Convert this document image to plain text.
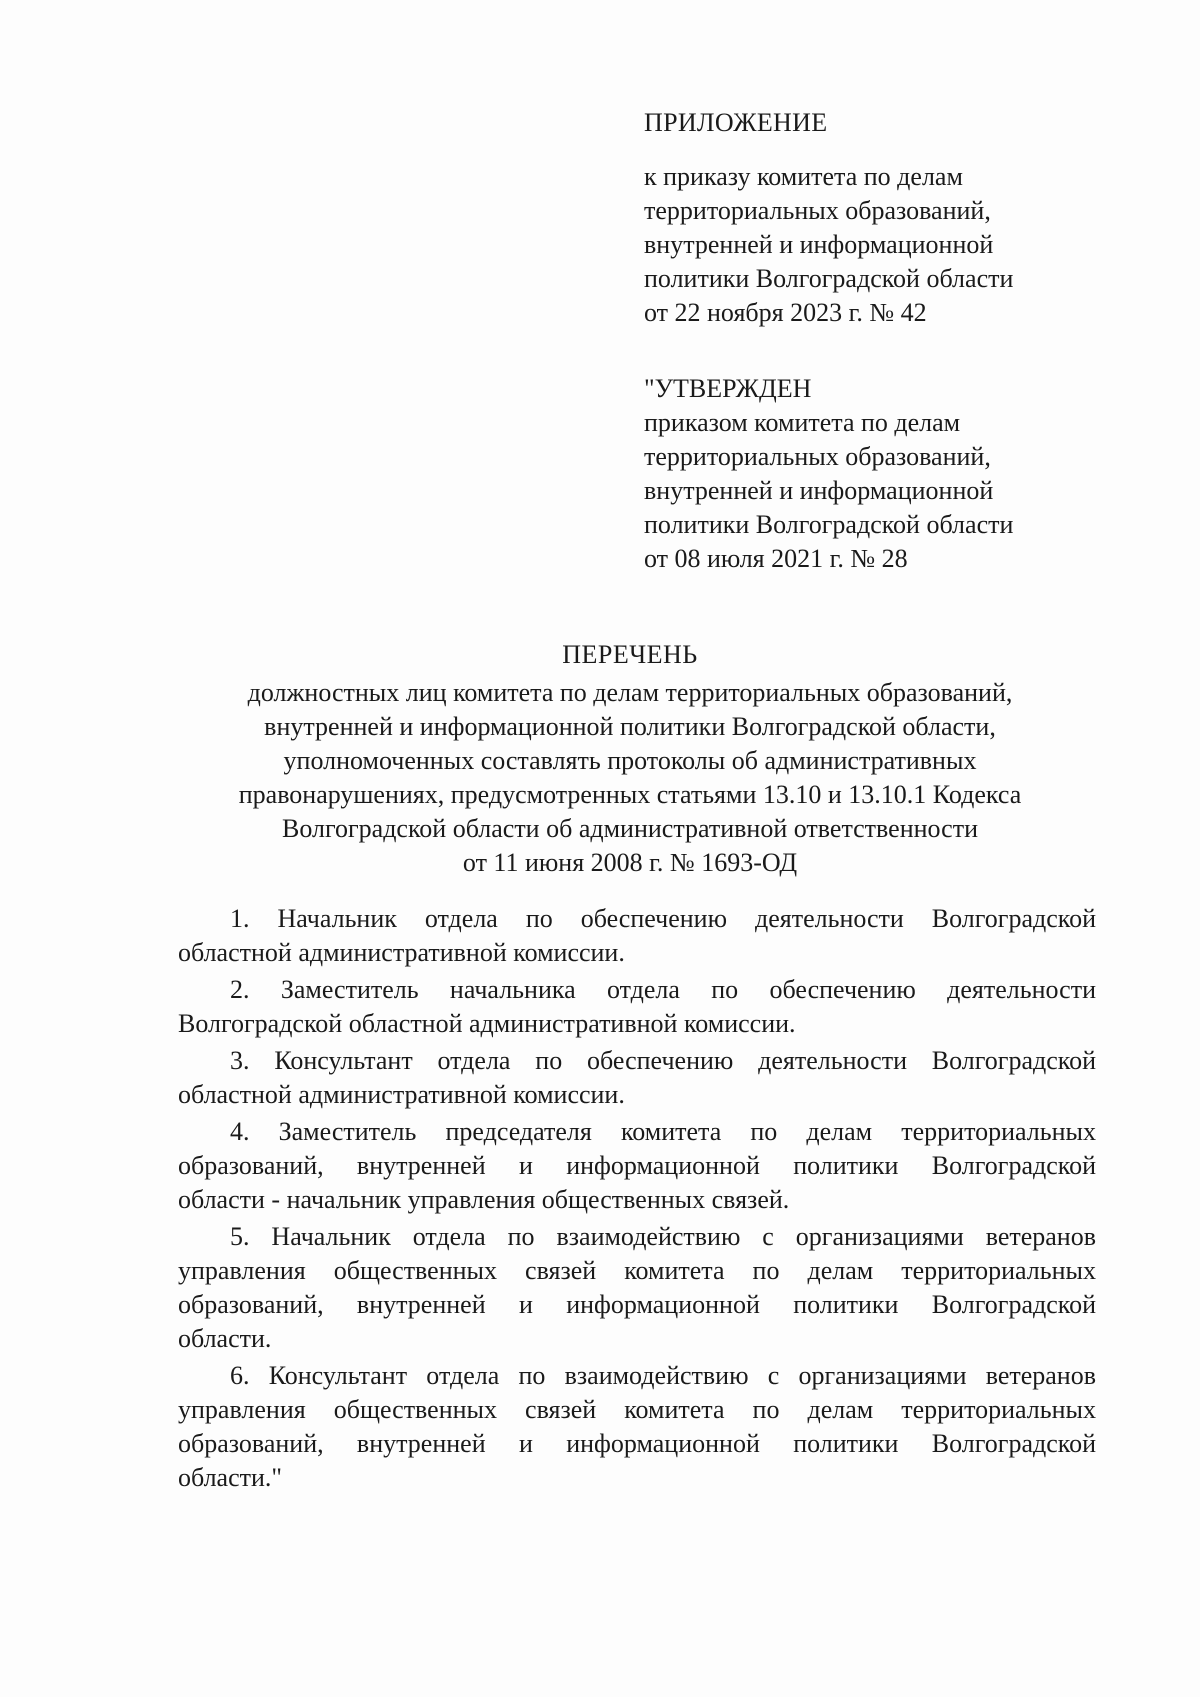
ПРИЛОЖЕНИЕ
к приказу комитета по делам
территориальных образований,
внутренней и информационной
политики Волгоградской области
от 22 ноября 2023 г. № 42
"УТВЕРЖДЕН
приказом комитета по делам
территориальных образований,
внутренней и информационной
политики Волгоградской области
от 08 июля 2021 г. № 28
ПЕРЕЧЕНЬ
должностных лиц комитета по делам территориальных образований,
внутренней и информационной политики Волгоградской области,
уполномоченных составлять протоколы об административных
правонарушениях, предусмотренных статьями 13.10 и 13.10.1 Кодекса
Волгоградской области об административной ответственности
от 11 июня 2008 г. № 1693-ОД
1. Начальник отдела по обеспечению деятельности Волгоградской
областной административной комиссии.
2. Заместитель начальника отдела по обеспечению деятельности
Волгоградской областной административной комиссии.
3. Консультант отдела по обеспечению деятельности Волгоградской
областной административной комиссии.
4. Заместитель председателя комитета по делам территориальных
образований, внутренней и информационной политики Волгоградской
области - начальник управления общественных связей.
5. Начальник отдела по взаимодействию с организациями ветеранов
управления общественных связей комитета по делам территориальных
образований, внутренней и информационной политики Волгоградской
области.
6. Консультант отдела по взаимодействию с организациями ветеранов
управления общественных связей комитета по делам территориальных
образований, внутренней и информационной политики Волгоградской
области."
